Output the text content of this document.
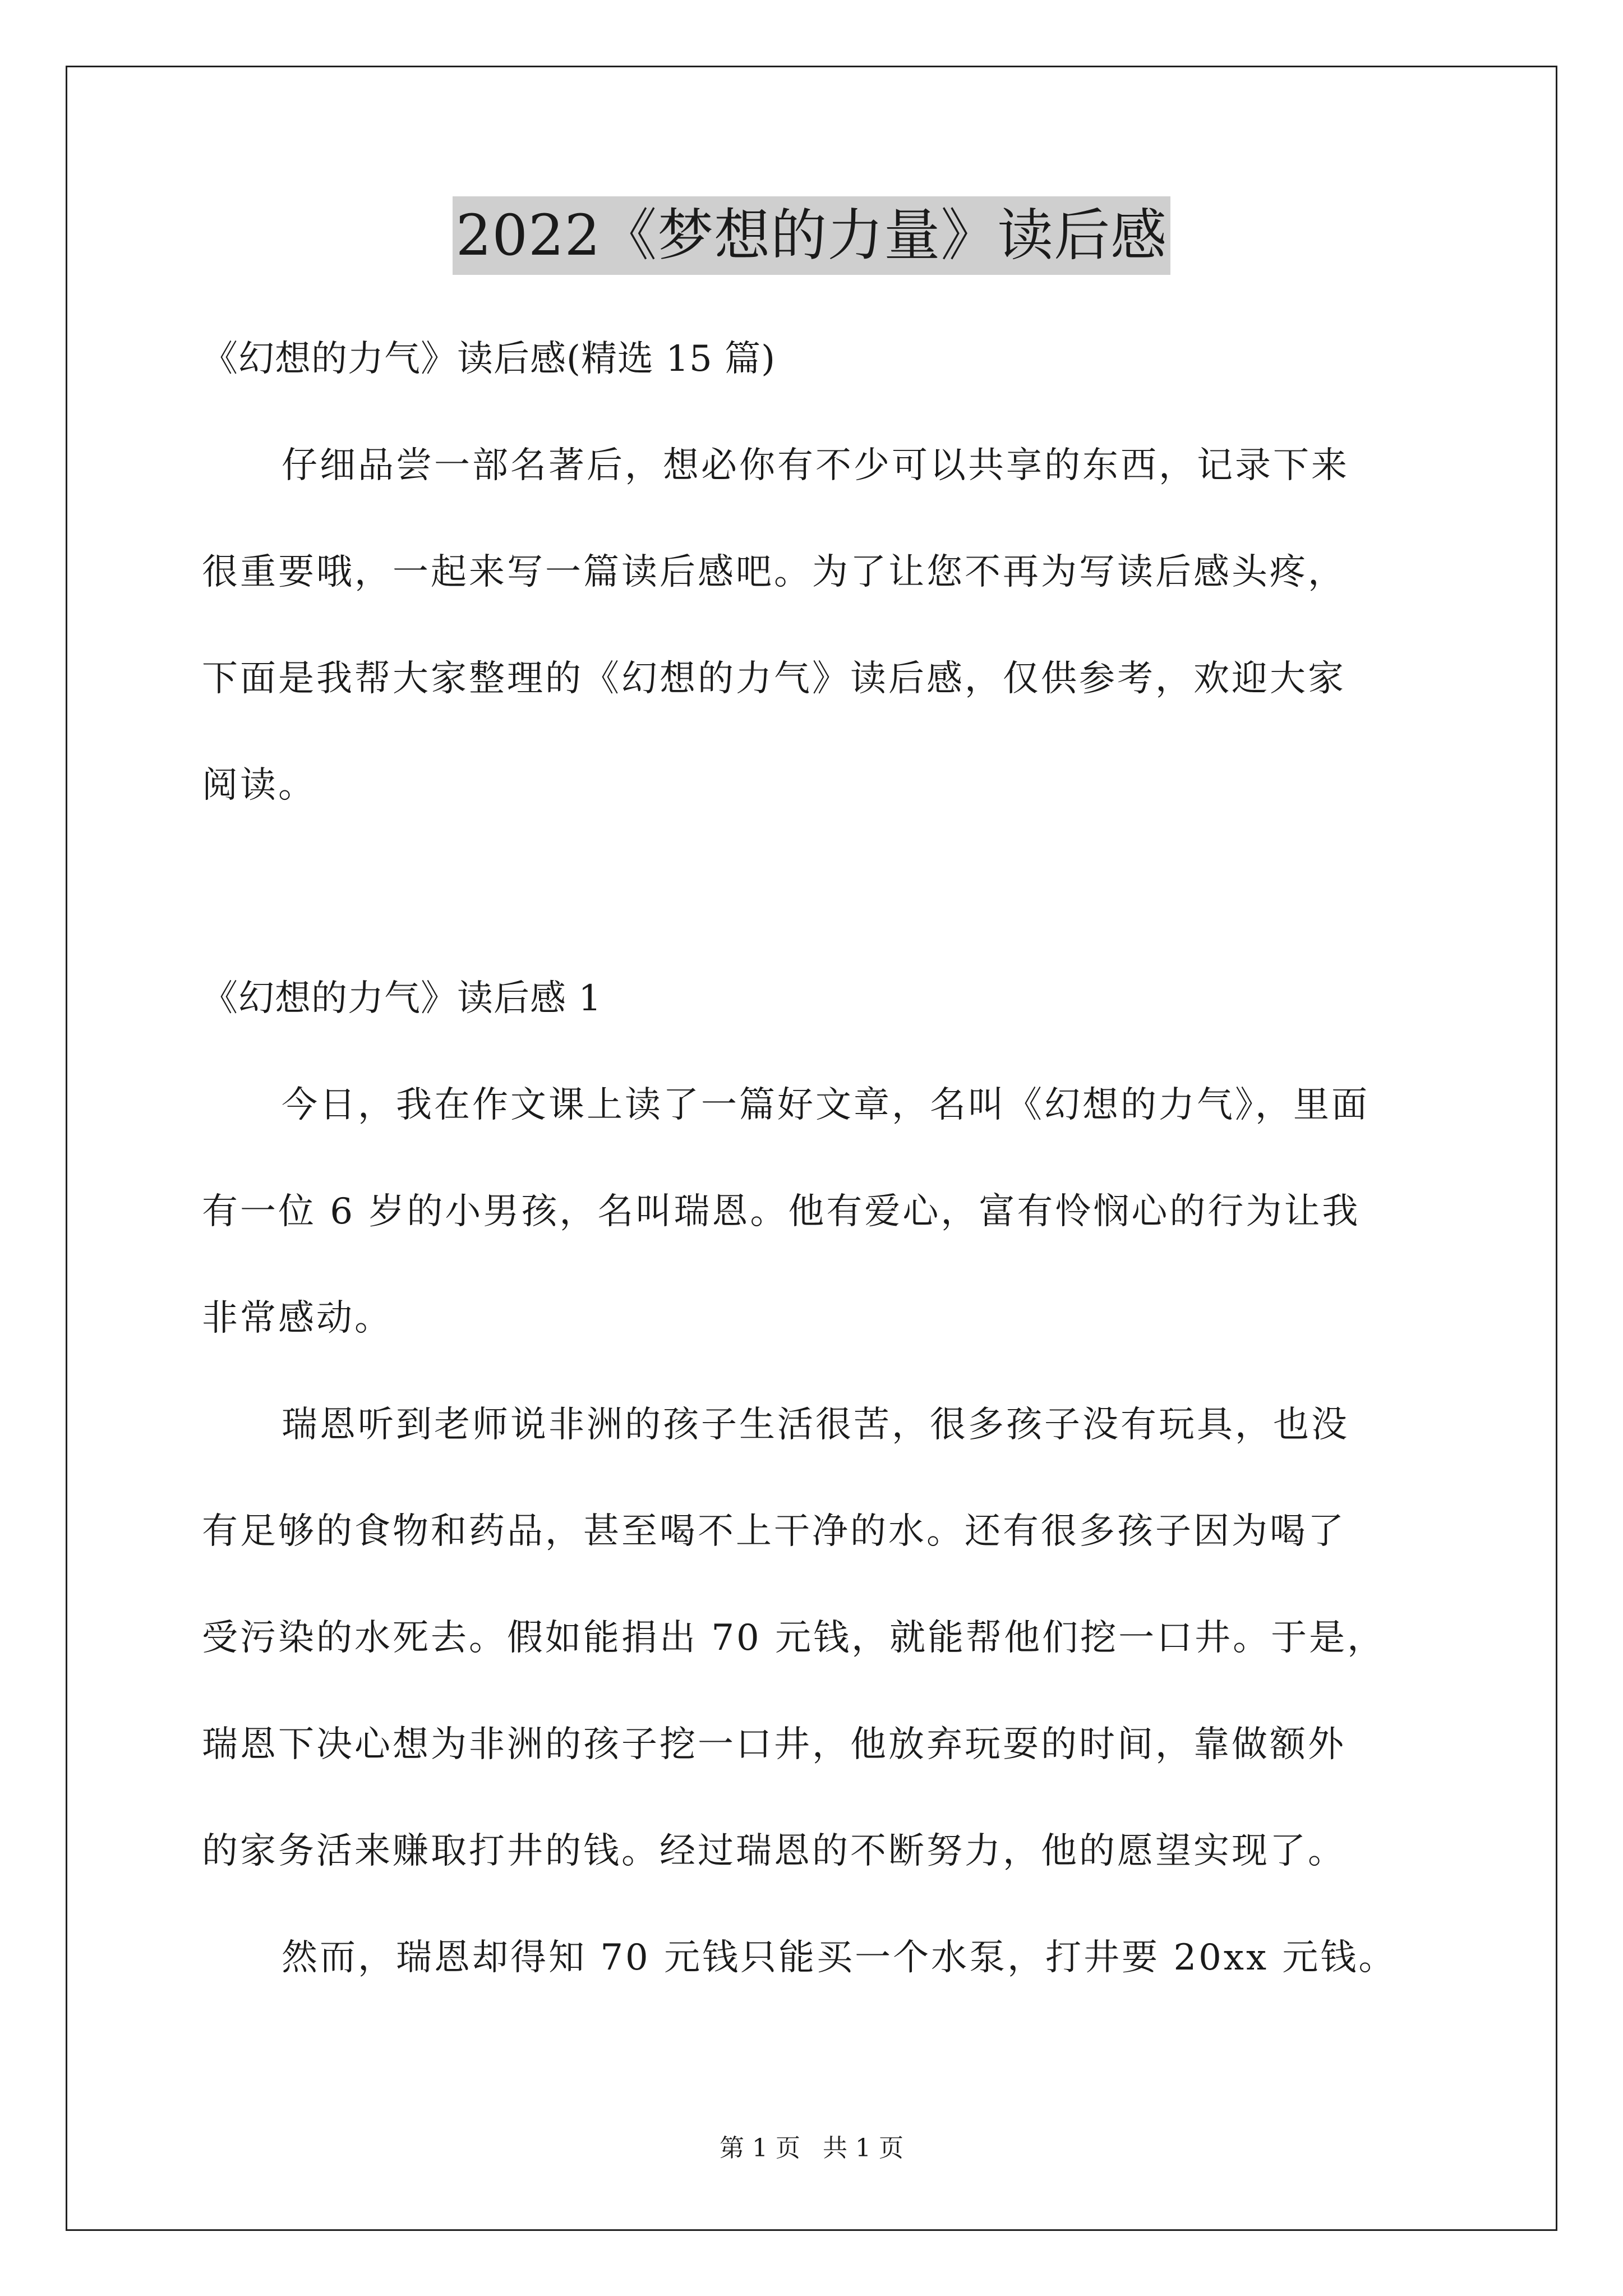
2022《梦想的力量》读后感
《幻想的力气》读后感(精选 15 篇)
仔细品尝一部名著后，想必你有不少可以共享的东西，记录下来
很重要哦，一起来写一篇读后感吧。为了让您不再为写读后感头疼，
下面是我帮大家整理的《幻想的力气》读后感，仅供参考，欢迎大家
阅读。
《幻想的力气》读后感 1
今日，我在作文课上读了一篇好文章，名叫《幻想的力气》，里面
有一位 6 岁的小男孩，名叫瑞恩。他有爱心，富有怜悯心的行为让我
非常感动。
瑞恩听到老师说非洲的孩子生活很苦，很多孩子没有玩具，也没
有足够的食物和药品，甚至喝不上干净的水。还有很多孩子因为喝了
受污染的水死去。假如能捐出 70 元钱，就能帮他们挖一口井。于是，
瑞恩下决心想为非洲的孩子挖一口井，他放弃玩耍的时间，靠做额外
的家务活来赚取打井的钱。经过瑞恩的不断努力，他的愿望实现了。
然而，瑞恩却得知 70 元钱只能买一个水泵，打井要 20xx 元钱。
第 1 页 共 1 页
